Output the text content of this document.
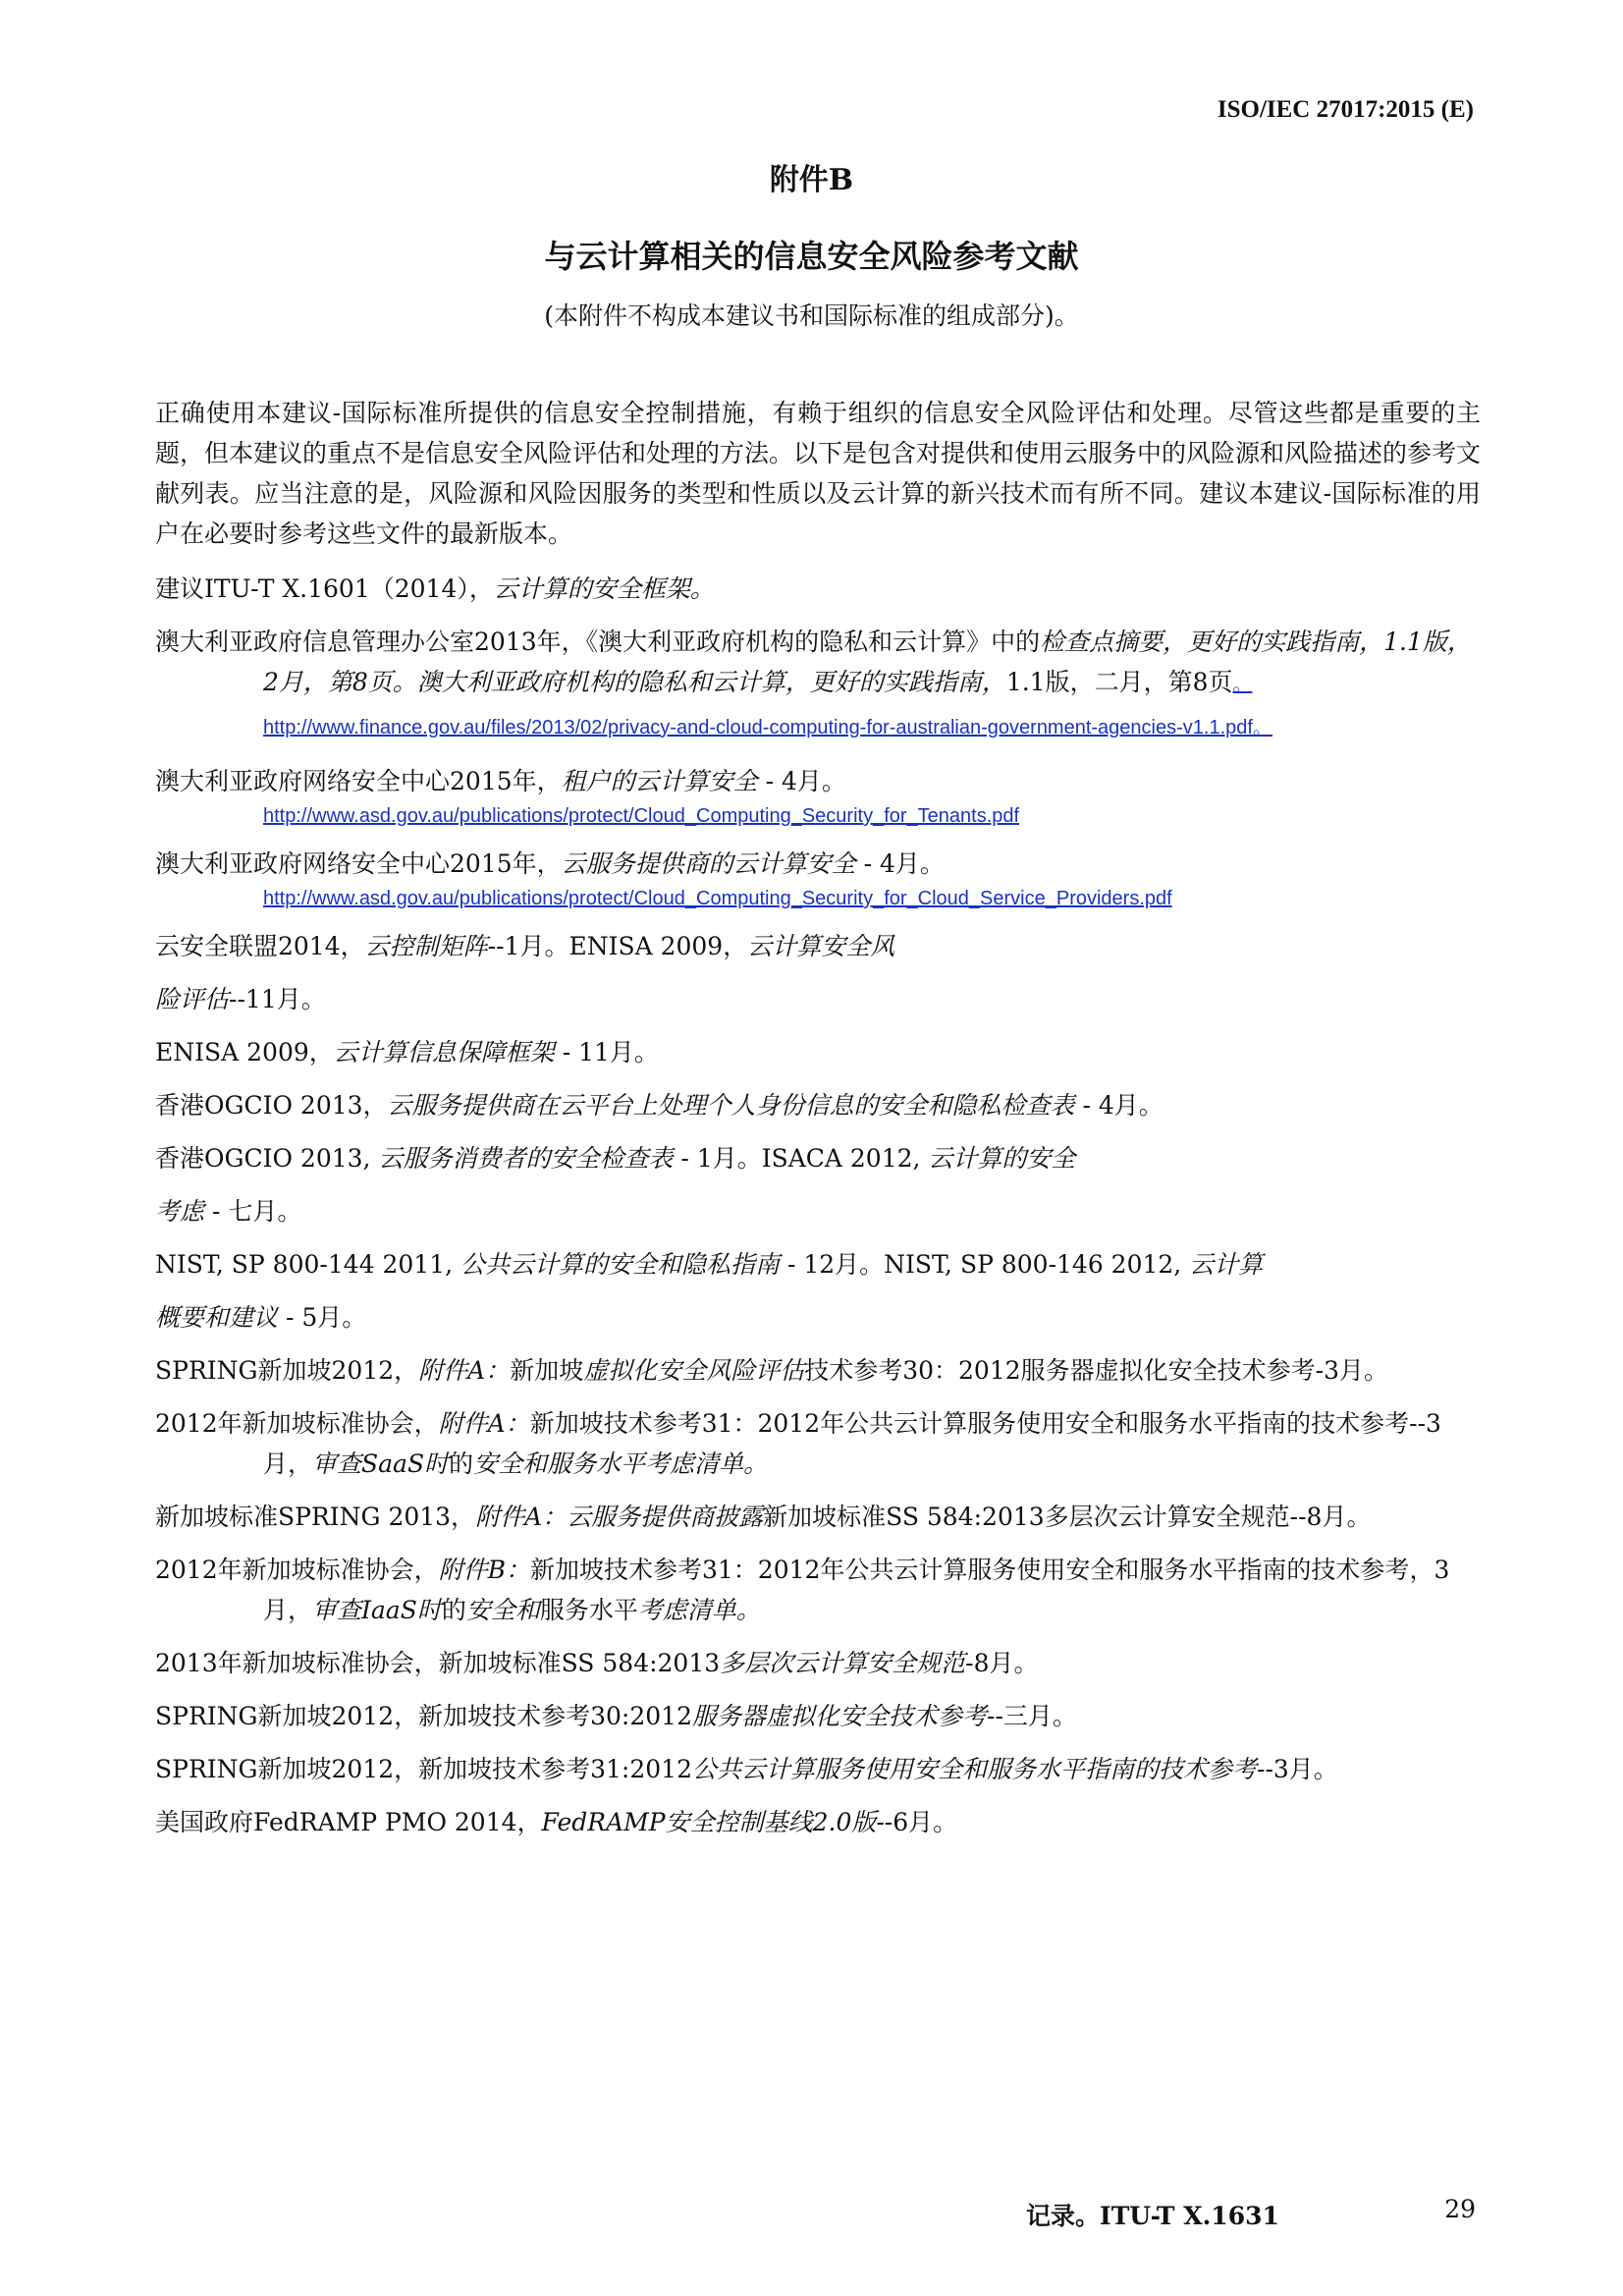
ISO/IEC 27017:2015 (E)
附件B
与云计算相关的信息安全风险参考文献
(本附件不构成本建议书和国际标准的组成部分)。

正确使用本建议-国际标准所提供的信息安全控制措施，有赖于组织的信息安全风险评估和处理。尽管这些都是重要的主题，但本建议的重点不是信息安全风险评估和处理的方法。以下是包含对提供和使用云服务中的风险源和风险描述的参考文献列表。应当注意的是，风险源和风险因服务的类型和性质以及云计算的新兴技术而有所不同。建议本建议-国际标准的用户在必要时参考这些文件的最新版本。

建议ITU-T X.1601（2014），云计算的安全框架。

澳大利亚政府信息管理办公室2013年，《澳大利亚政府机构的隐私和云计算》中的检查点摘要，更好的实践指南，1.1版，2月，第8页。澳大利亚政府机构的隐私和云计算，更好的实践指南，1.1版，二月，第8页。http://www.finance.gov.au/files/2013/02/privacy-and-cloud-computing-for-australian-government-agencies-v1.1.pdf。

澳大利亚政府网络安全中心2015年，租户的云计算安全 - 4月。
http://www.asd.gov.au/publications/protect/Cloud_Computing_Security_for_Tenants.pdf

澳大利亚政府网络安全中心2015年，云服务提供商的云计算安全 - 4月。
http://www.asd.gov.au/publications/protect/Cloud_Computing_Security_for_Cloud_Service_Providers.pdf

云安全联盟2014，云控制矩阵--1月。ENISA 2009，云计算安全风

险评估--11月。

ENISA 2009，云计算信息保障框架 - 11月。

香港OGCIO 2013，云服务提供商在云平台上处理个人身份信息的安全和隐私检查表 - 4月。

香港OGCIO 2013, 云服务消费者的安全检查表 - 1月。ISACA 2012, 云计算的安全

考虑 - 七月。

NIST, SP 800-144 2011, 公共云计算的安全和隐私指南 - 12月。NIST, SP 800-146 2012, 云计算

概要和建议 - 5月。

SPRING新加坡2012，附件A：新加坡虚拟化安全风险评估技术参考30：2012服务器虚拟化安全技术参考-3月。

2012年新加坡标准协会，附件A：新加坡技术参考31：2012年公共云计算服务使用安全和服务水平指南的技术参考--3月，审查SaaS时的安全和服务水平考虑清单。

新加坡标准SPRING 2013，附件A：云服务提供商披露新加坡标准SS 584:2013多层次云计算安全规范--8月。

2012年新加坡标准协会，附件B：新加坡技术参考31：2012年公共云计算服务使用安全和服务水平指南的技术参考，3月，审查IaaS时的安全和服务水平考虑清单。

2013年新加坡标准协会，新加坡标准SS 584:2013多层次云计算安全规范-8月。

SPRING新加坡2012，新加坡技术参考30:2012服务器虚拟化安全技术参考--三月。

SPRING新加坡2012，新加坡技术参考31:2012公共云计算服务使用安全和服务水平指南的技术参考--3月。

美国政府FedRAMP PMO 2014，FedRAMP安全控制基线2.0版--6月。

记录。ITU-T X.1631	29
